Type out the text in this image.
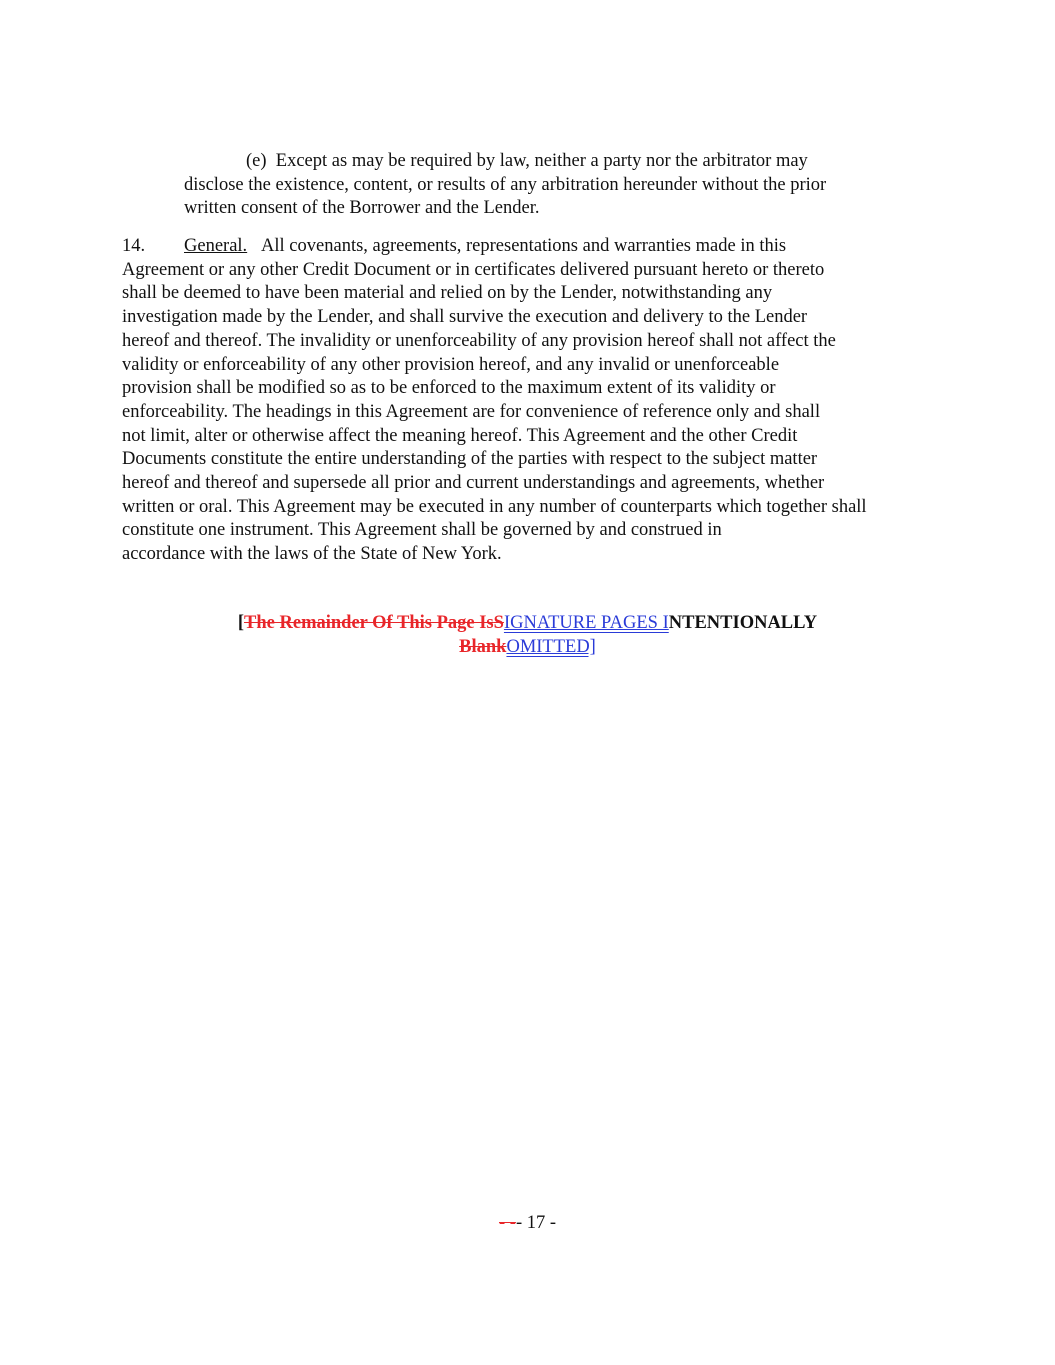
(e) Except as may be required by law, neither a party nor the arbitrator may
disclose the existence, content, or results of any arbitration hereunder without the prior
written consent of the Borrower and the Lender.
14. General. All covenants, agreements, representations and warranties made in this
Agreement or any other Credit Document or in certificates delivered pursuant hereto or thereto
shall be deemed to have been material and relied on by the Lender, notwithstanding any
investigation made by the Lender, and shall survive the execution and delivery to the Lender
hereof and thereof. The invalidity or unenforceability of any provision hereof shall not affect the
validity or enforceability of any other provision hereof, and any invalid or unenforceable
provision shall be modified so as to be enforced to the maximum extent of its validity or
enforceability. The headings in this Agreement are for convenience of reference only and shall
not limit, alter or otherwise affect the meaning hereof. This Agreement and the other Credit
Documents constitute the entire understanding of the parties with respect to the subject matter
hereof and thereof and supersede all prior and current understandings and agreements, whether
written or oral. This Agreement may be executed in any number of counterparts which together shall
constitute one instrument. This Agreement shall be governed by and construed in
accordance with the laws of the State of New York.
[The Remainder Of This Page IsSIGNATURE PAGES INTENTIONALLY
BlankOMITTED]
- -- 17 -
